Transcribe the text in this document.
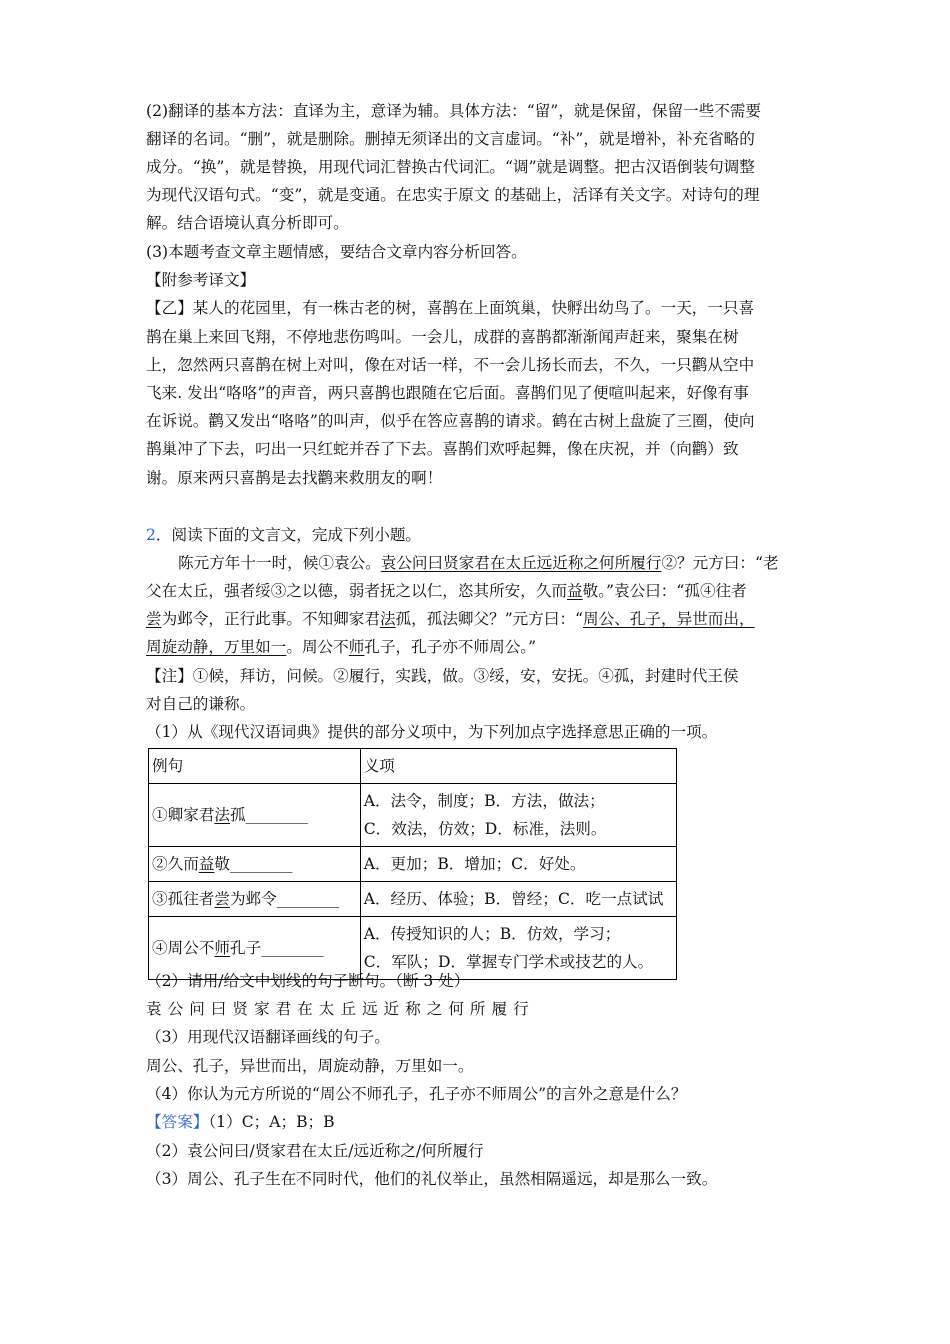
(2)翻译的基本方法：直译为主，意译为辅。具体方法：“留”，就是保留，保留一些不需要
翻译的名词。“删”，就是删除。删掉无须译出的文言虚词。“补”，就是增补，补充省略的
成分。“换”，就是替换，用现代词汇替换古代词汇。“调”就是调整。把古汉语倒装句调整
为现代汉语句式。“变”，就是变通。在忠实于原文 的基础上，活译有关文字。对诗句的理
解。结合语境认真分析即可。
(3)本题考查文章主题情感，要结合文章内容分析回答。
【附参考译文】
【乙】某人的花园里，有一株古老的树，喜鹊在上面筑巢，快孵出幼鸟了。一天，一只喜
鹊在巢上来回飞翔，不停地悲伤鸣叫。一会儿，成群的喜鹊都渐渐闻声赶来，聚集在树
上，忽然两只喜鹊在树上对叫，像在对话一样，不一会儿扬长而去，不久，一只鹳从空中
飞来. 发出“咯咯”的声音，两只喜鹊也跟随在它后面。喜鹊们见了便喧叫起来，好像有事
在诉说。鹳又发出“咯咯”的叫声，似乎在答应喜鹊的请求。鹤在古树上盘旋了三圈，使向
鹊巢冲了下去，叼出一只红蛇并吞了下去。喜鹊们欢呼起舞，像在庆祝，并（向鹳）致
谢。原来两只喜鹊是去找鹳来救朋友的啊！
2．阅读下面的文言文，完成下列小题。
陈元方年十一时，候①袁公。袁公问曰贤家君在太丘远近称之何所履行②？元方曰：“老
父在太丘，强者绥③之以德，弱者抚之以仁，恣其所安，久而益敬。”袁公曰：“孤④往者
尝为邺令，正行此事。不知卿家君法孤，孤法卿父？”元方曰：“周公、孔子，异世而出，
周旋动静，万里如一。周公不师孔子，孔子亦不师周公。”
【注】①候，拜访，问候。②履行，实践，做。③绥，安，安抚。④孤，封建时代王侯
对自己的谦称。
（1）从《现代汉语词典》提供的部分义项中，为下列加点字选择意思正确的一项。
例句	义项
①卿家君法孤________	A．法令，制度；B．方法，做法；
C．效法，仿效；D．标准，法则。

②久而益敬________	A．更加；B．增加；C．好处。

③孤往者尝为邺令________	A．经历、体验；B．曾经；C．吃一点试试

④周公不师孔子________	A．传授知识的人；B．仿效，学习；
C．军队；D．掌握专门学术或技艺的人。
（2）请用/给文中划线的句子断句。（断 3 处）
袁公问曰贤家君在太丘远近称之何所履行
（3）用现代汉语翻译画线的句子。
周公、孔子，异世而出，周旋动静，万里如一。
（4）你认为元方所说的“周公不师孔子，孔子亦不师周公”的言外之意是什么？
【答案】（1）C；A；B；B
（2）袁公问曰/贤家君在太丘/远近称之/何所履行
（3）周公、孔子生在不同时代，他们的礼仪举止，虽然相隔遥远，却是那么一致。
